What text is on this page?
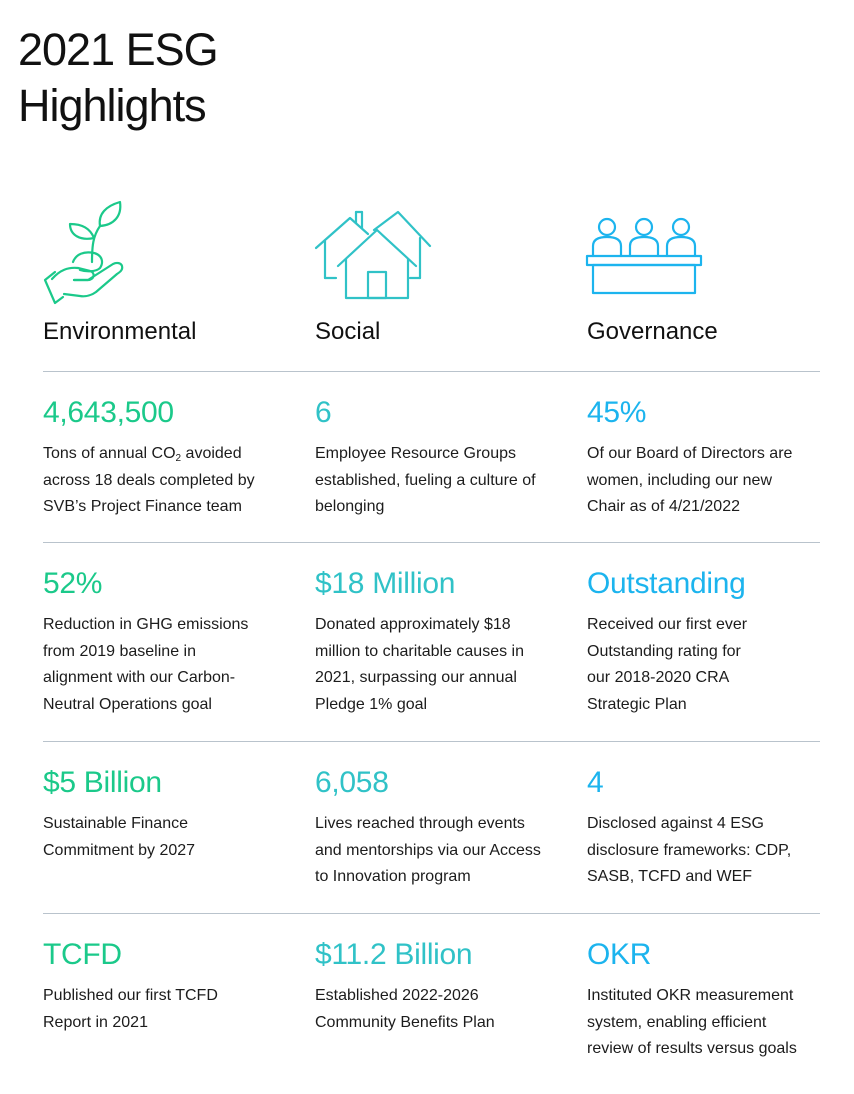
2021 ESG
Highlights
Environmental	Social	Governance

4,643,500

Tons of annual $CO_2$ avoided across 18 deals completed by SVB’s Project Finance team

6

Employee Resource Groups established, fueling a culture of belonging

45%

Of our Board of Directors are women, including our new Chair as of 4/21/2022

52%

Reduction in GHG emissions from 2019 baseline in alignment with our Carbon-Neutral Operations goal

$18 Million

Donated approximately $18 million to charitable causes in 2021, surpassing our annual Pledge 1% goal

Outstanding

Received our first ever Outstanding rating for our 2018-2020 CRA Strategic Plan

$5 Billion

Sustainable Finance Commitment by 2027

6,058

Lives reached through events and mentorships via our Access to Innovation program

4

Disclosed against 4 ESG disclosure frameworks: CDP, SASB, TCFD and WEF

TCFD

Published our first TCFD Report in 2021

$11.2 Billion

Established 2022-2026 Community Benefits Plan

OKR

Instituted OKR measurement system, enabling efficient review of results versus goals
